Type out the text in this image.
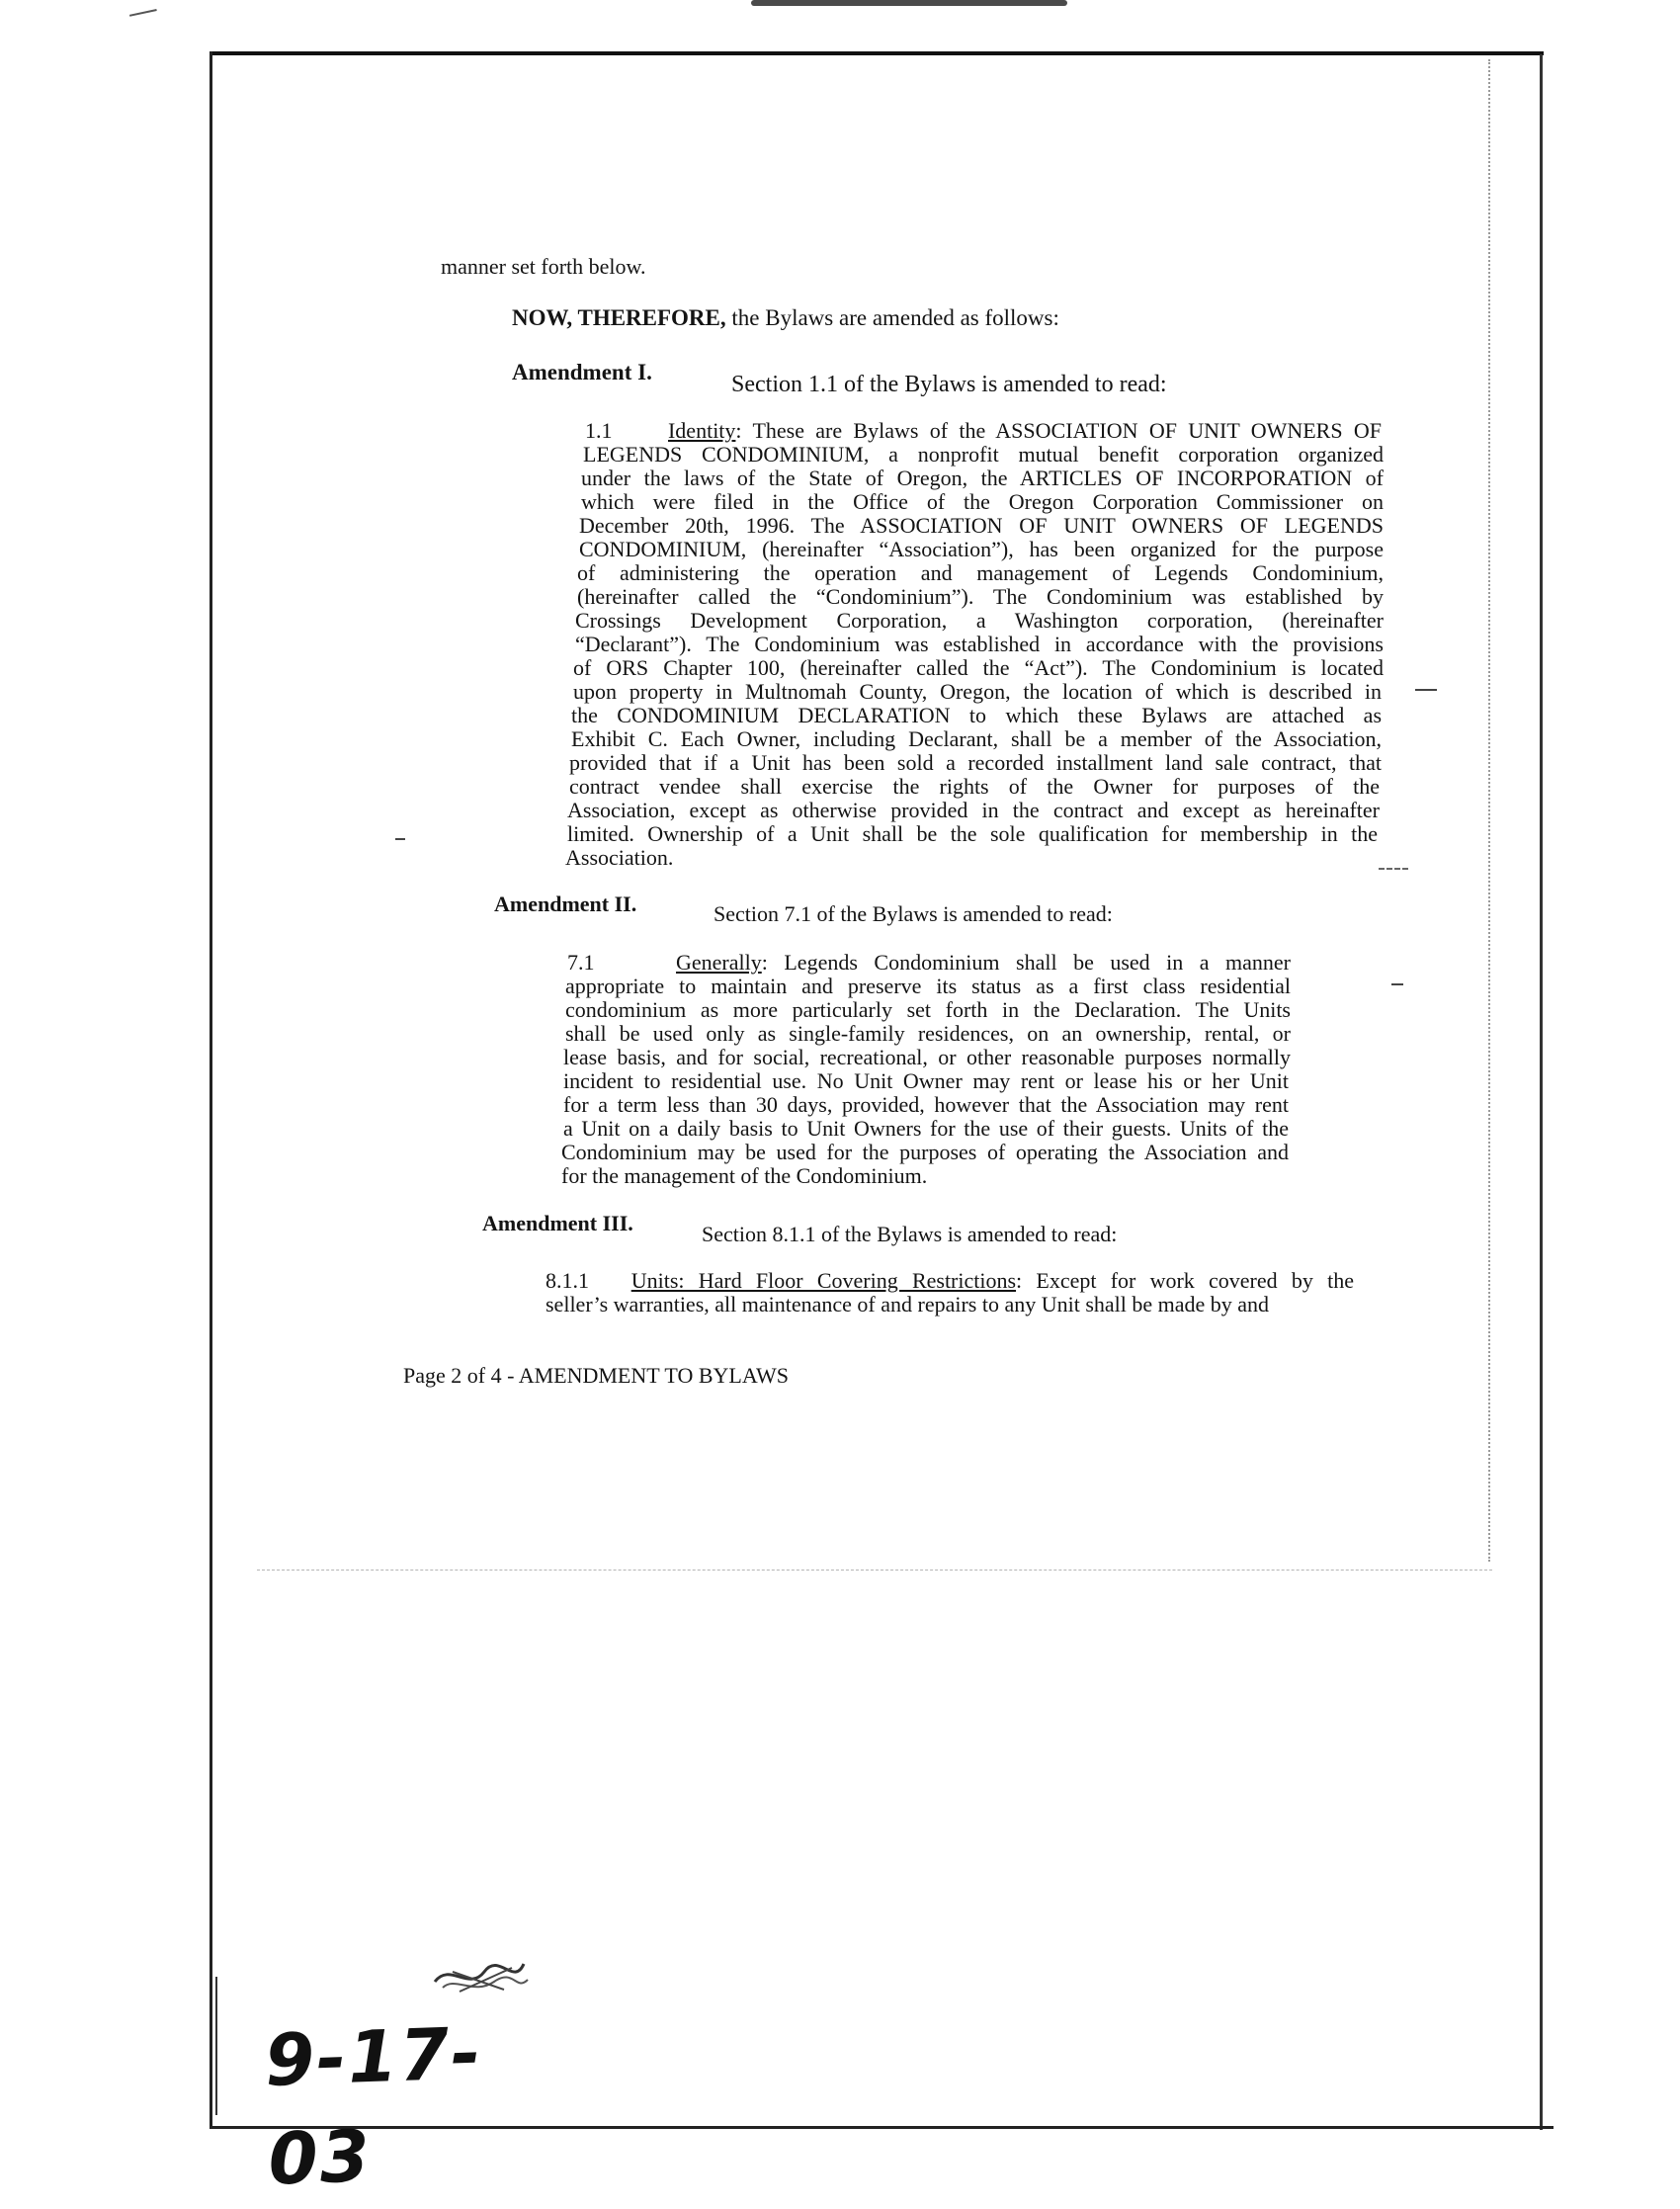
manner set forth below.

NOW, THEREFORE, the Bylaws are amended as follows:

Amendment I.	Section 1.1 of the Bylaws is amended to read:
1.1	Identity: These are Bylaws of the ASSOCIATION OF UNIT OWNERS OF
LEGENDS CONDOMINIUM, a nonprofit mutual benefit corporation organized
under the laws of the State of Oregon, the ARTICLES OF INCORPORATION of
which were filed in the Office of the Oregon Corporation Commissioner on
December 20th, 1996. The ASSOCIATION OF UNIT OWNERS OF LEGENDS
CONDOMINIUM, (hereinafter “Association”), has been organized for the purpose
of administering the operation and management of Legends Condominium,
(hereinafter called the “Condominium”). The Condominium was established by
Crossings Development Corporation, a Washington corporation, (hereinafter
“Declarant”). The Condominium was established in accordance with the provisions
of ORS Chapter 100, (hereinafter called the “Act”). The Condominium is located
upon property in Multnomah County, Oregon, the location of which is described in
the CONDOMINIUM DECLARATION to which these Bylaws are attached as
Exhibit C. Each Owner, including Declarant, shall be a member of the Association,
provided that if a Unit has been sold a recorded installment land sale contract, that
contract vendee shall exercise the rights of the Owner for purposes of the
Association, except as otherwise provided in the contract and except as hereinafter
limited. Ownership of a Unit shall be the sole qualification for membership in the
Association.
Amendment II.	Section 7.1 of the Bylaws is amended to read:
7.1	Generally: Legends Condominium shall be used in a manner
appropriate to maintain and preserve its status as a first class residential
condominium as more particularly set forth in the Declaration. The Units
shall be used only as single-family residences, on an ownership, rental, or
lease basis, and for social, recreational, or other reasonable purposes normally
incident to residential use. No Unit Owner may rent or lease his or her Unit
for a term less than 30 days, provided, however that the Association may rent
a Unit on a daily basis to Unit Owners for the use of their guests. Units of the
Condominium may be used for the purposes of operating the Association and
for the management of the Condominium.
Amendment III.	Section 8.1.1 of the Bylaws is amended to read:
8.1.1 Units: Hard Floor Covering Restrictions: Except for work covered by the
seller’s warranties, all maintenance of and repairs to any Unit shall be made by and
Page 2 of 4 - AMENDMENT TO BYLAWS
9-17-03
